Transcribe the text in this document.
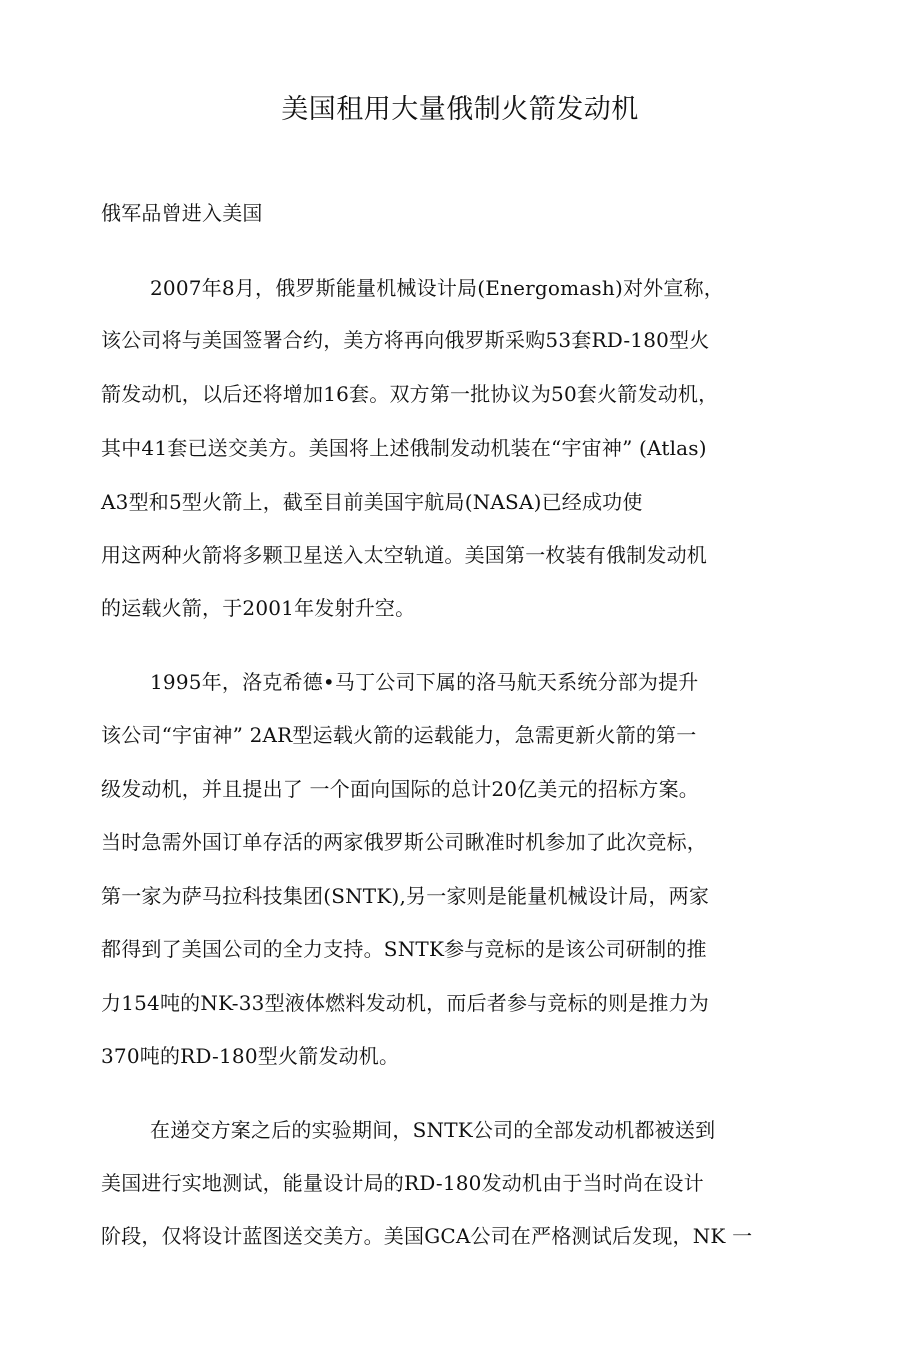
美国租用大量俄制火箭发动机
俄军品曾进入美国
2007年8月，俄罗斯能量机械设计局(Energomash)对外宣称，
该公司将与美国签署合约，美方将再向俄罗斯采购53套RD-180型火
箭发动机，以后还将增加16套。双方第一批协议为50套火箭发动机，
其中41套已送交美方。美国将上述俄制发动机装在“宇宙神” (Atlas)
A3型和5型火箭上，截至目前美国宇航局(NASA)已经成功使
用这两种火箭将多颗卫星送入太空轨道。美国第一枚装有俄制发动机
的运载火箭，于2001年发射升空。
1995年，洛克希德•马丁公司下属的洛马航天系统分部为提升
该公司“宇宙神” 2AR型运载火箭的运载能力，急需更新火箭的第一
级发动机，并且提出了 一个面向国际的总计20亿美元的招标方案。
当时急需外国订单存活的两家俄罗斯公司瞅准时机参加了此次竞标，
第一家为萨马拉科技集团(SNTK),另一家则是能量机械设计局，两家
都得到了美国公司的全力支持。SNTK参与竞标的是该公司研制的推
力154吨的NK-33型液体燃料发动机，而后者参与竞标的则是推力为
370吨的RD-180型火箭发动机。
在递交方案之后的实验期间，SNTK公司的全部发动机都被送到
美国进行实地测试，能量设计局的RD-180发动机由于当时尚在设计
阶段，仅将设计蓝图送交美方。美国GCA公司在严格测试后发现，NK 一
